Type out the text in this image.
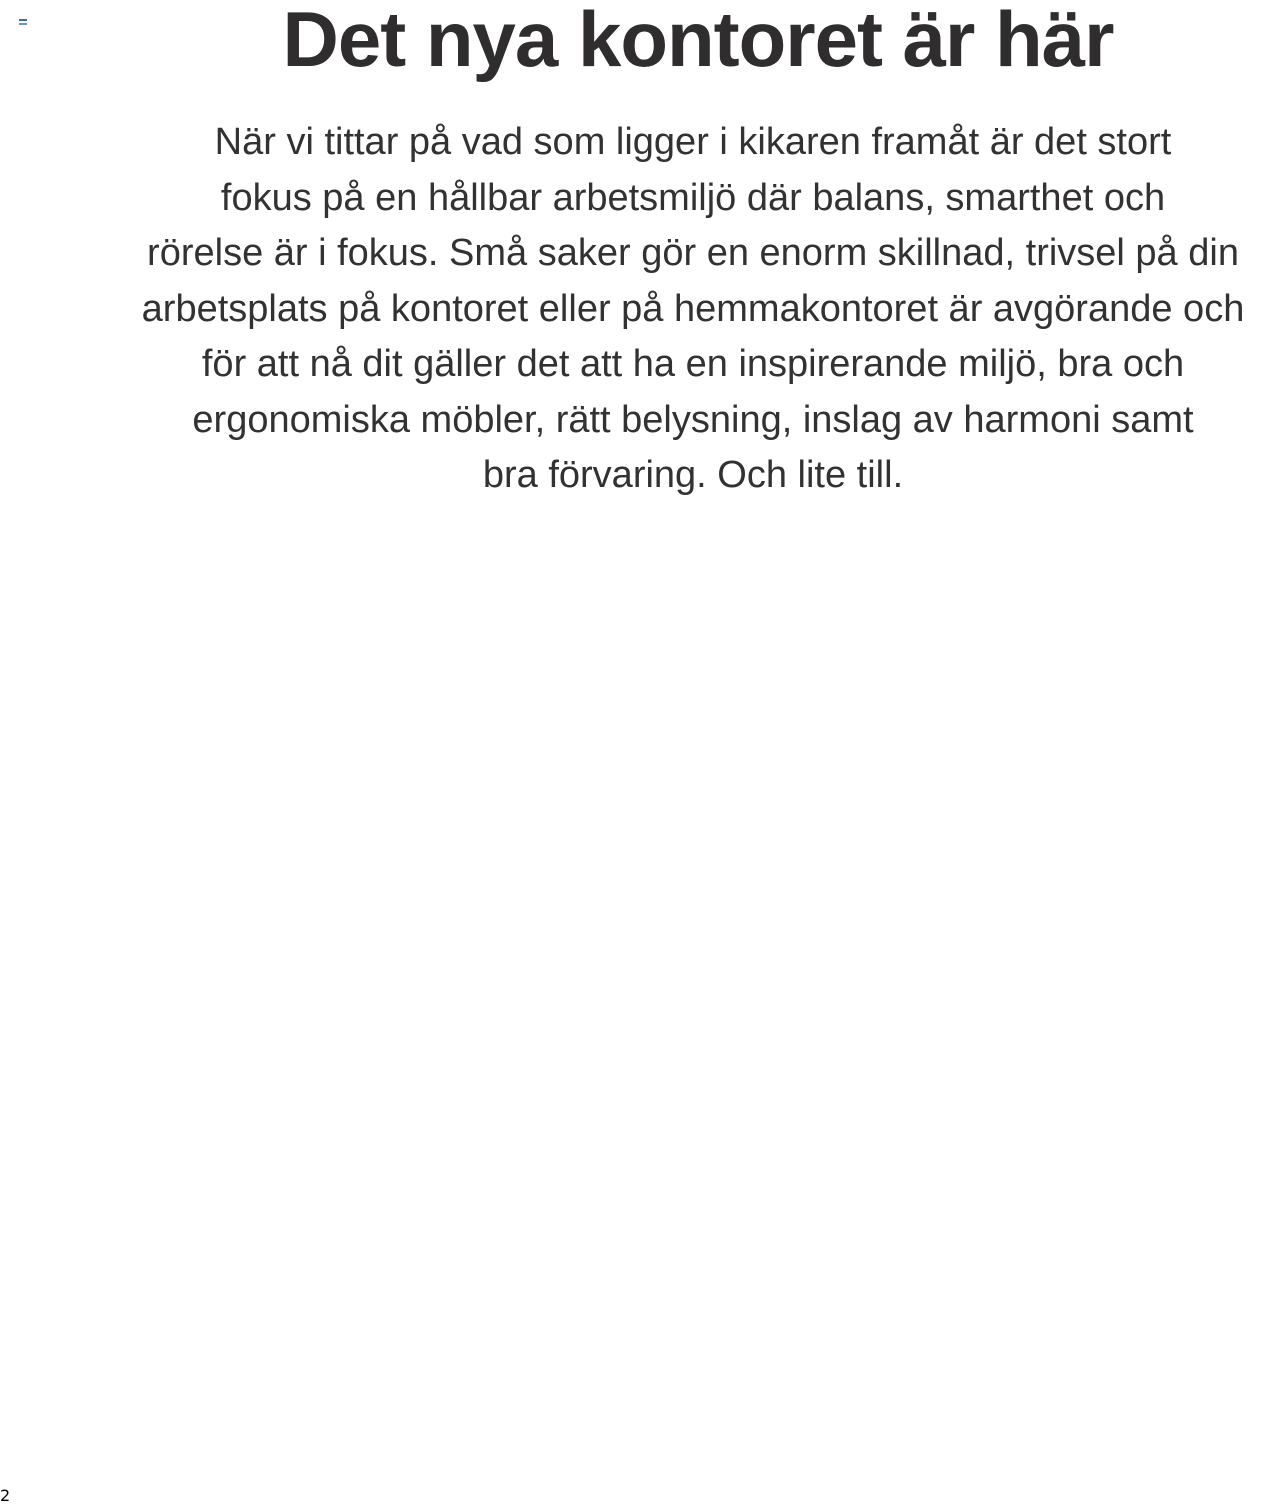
Det nya kontoret är här

När vi tittar på vad som ligger i kikaren framåt är det stort
fokus på en hållbar arbetsmiljö där balans, smarthet och
rörelse är i fokus. Små saker gör en enorm skillnad, trivsel på din
arbetsplats på kontoret eller på hemmakontoret är avgörande och
för att nå dit gäller det att ha en inspirerande miljö, bra och
ergonomiska möbler, rätt belysning, inslag av harmoni samt
bra förvaring. Och lite till.

2
